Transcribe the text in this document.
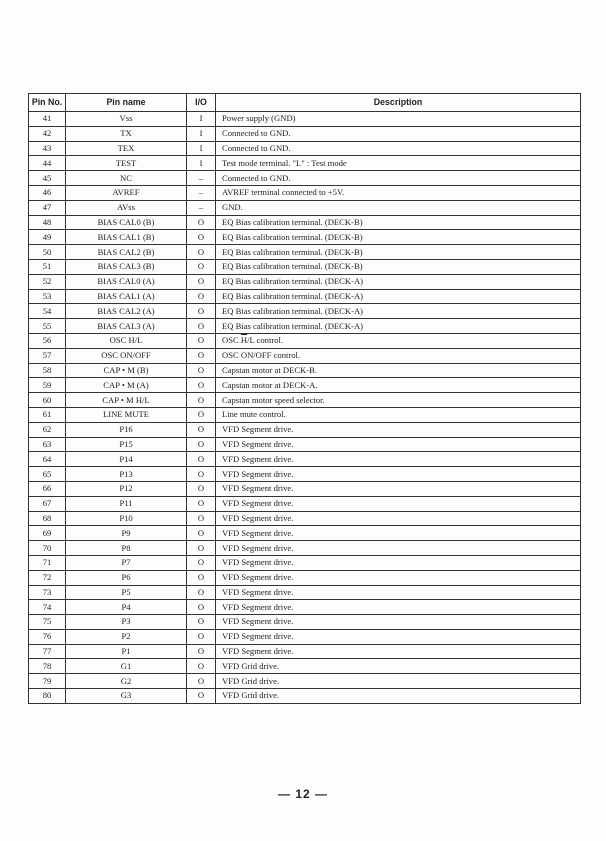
Pin No.	Pin name	I/O	Description
41	Vss	I	Power supply (GND)
42	TX	I	Connected to GND.
43	TEX	I	Connected to GND.
44	TEST	I	Test mode terminal. "L" : Test mode
45	NC	–	Connected to GND.
46	AVREF	–	AVREF terminal connected to +5V.
47	AVss	–	GND.
48	BIAS CAL0 (B)	O	EQ Bias calibration terminal. (DECK-B)
49	BIAS CAL1 (B)	O	EQ Bias calibration terminal. (DECK-B)
50	BIAS CAL2 (B)	O	EQ Bias calibration terminal. (DECK-B)
51	BIAS CAL3 (B)	O	EQ Bias calibration terminal. (DECK-B)
52	BIAS CAL0 (A)	O	EQ Bias calibration terminal. (DECK-A)
53	BIAS CAL1 (A)	O	EQ Bias calibration terminal. (DECK-A)
54	BIAS CAL2 (A)	O	EQ Bias calibration terminal. (DECK-A)
55	BIAS CAL3 (A)	O	EQ Bias calibration terminal. (DECK-A)
56	OSC H/L	O	OSC $\overline{H}/L$ control.
57	OSC ON/OFF	O	OSC ON/OFF control.
58	CAP • M (B)	O	Capstan motor at DECK-B.
59	CAP • M (A)	O	Capstan motor at DECK-A.
60	CAP • M H/L	O	Capstan motor speed selector.
61	LINE MUTE	O	Line mute control.
62	P16	O	VFD Segment drive.
63	P15	O	VFD Segment drive.
64	P14	O	VFD Segment drive.
65	P13	O	VFD Segment drive.
66	P12	O	VFD Segment drive.
67	P11	O	VFD Segment drive.
68	P10	O	VFD Segment drive.
69	P9	O	VFD Segment drive.
70	P8	O	VFD Segment drive.
71	P7	O	VFD Segment drive.
72	P6	O	VFD Segment drive.
73	P5	O	VFD Segment drive.
74	P4	O	VFD Segment drive.
75	P3	O	VFD Segment drive.
76	P2	O	VFD Segment drive.
77	P1	O	VFD Segment drive.
78	G1	O	VFD Grid drive.
79	G2	O	VFD Grid drive.
80	G3	O	VFD Grid drive.
— 12 —
